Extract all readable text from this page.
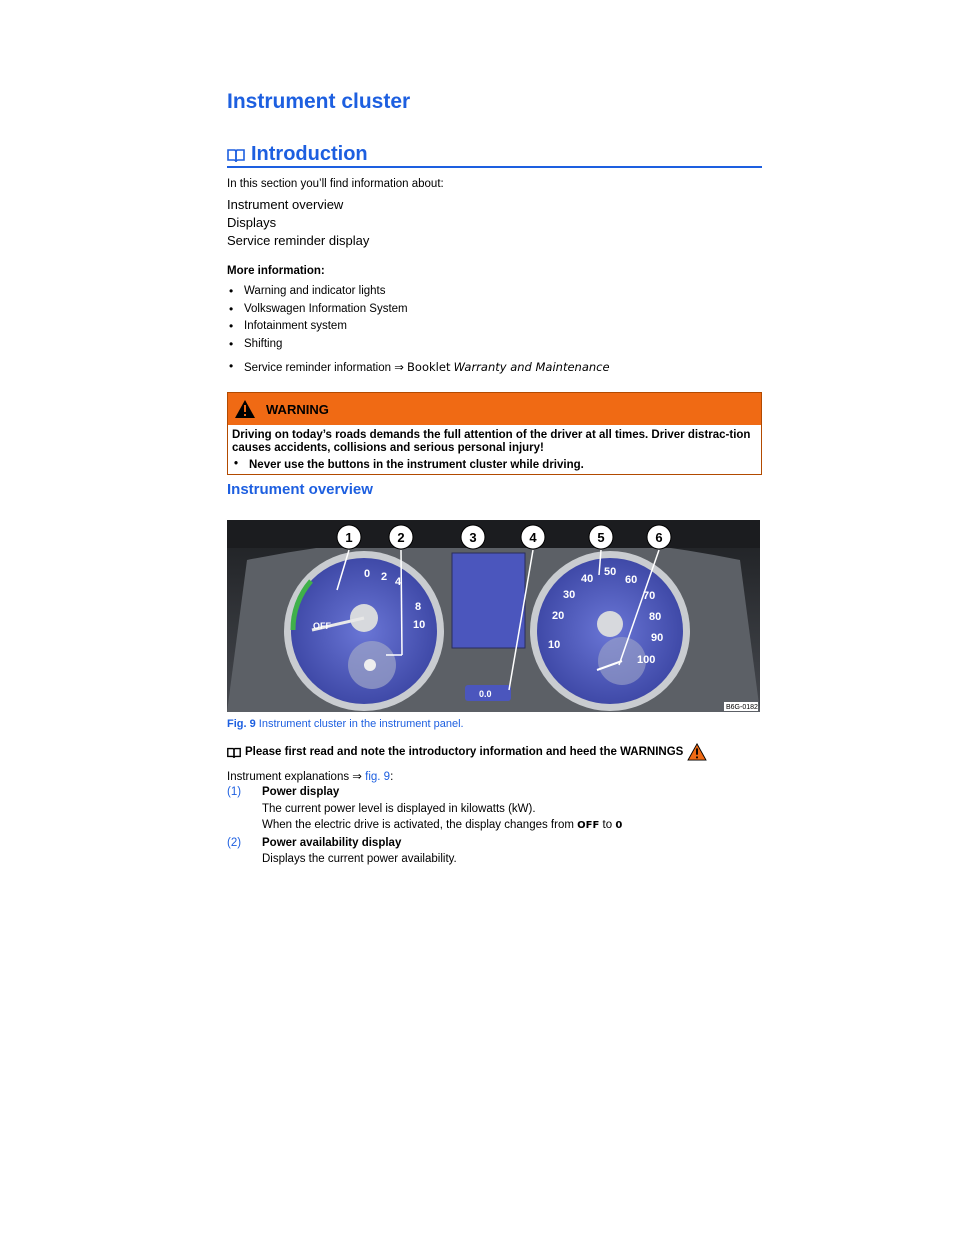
Instrument cluster
Introduction
In this section you’ll find information about:
Instrument overview
Displays
Service reminder display
More information:
• Warning and indicator lights
• Volkswagen Information System
• Infotainment system
• Shifting
• Service reminder information ⇒ Booklet Warranty and Maintenance
WARNING
Driving on today’s roads demands the full attention of the driver at all times. Driver distrac-tion causes accidents, collisions and serious personal injury!
• Never use the buttons in the instrument cluster while driving.
Instrument overview
OFF
0 2 4
8
10
0.0
10
20
30
40
50
60
70
80
90
100
1	2	3	4	5	6
B6G-0182
Fig. 9 Instrument cluster in the instrument panel.
Please first read and note the introductory information and heed the WARNINGS
Instrument explanations ⇒ fig. 9:
(1)	Power display
The current power level is displayed in kilowatts (kW).
When the electric drive is activated, the display changes from OFF to 0
(2)	Power availability display
Displays the current power availability.
